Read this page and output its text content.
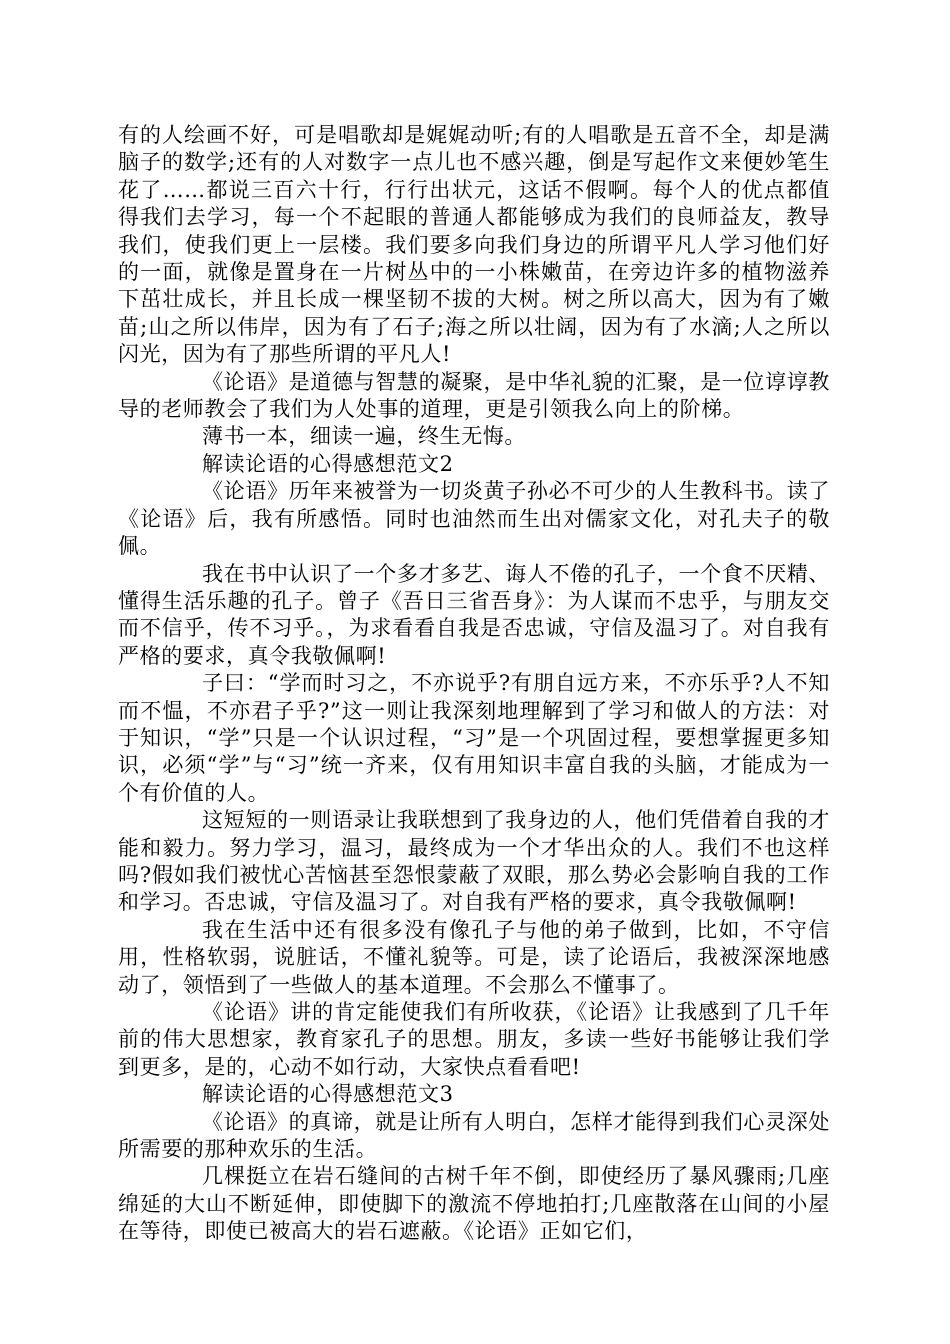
有的人绘画不好，可是唱歌却是娓娓动听;有的人唱歌是五音不全，却是满脑子的数学;还有的人对数字一点儿也不感兴趣，倒是写起作文来便妙笔生花了……都说三百六十行，行行出状元，这话不假啊。每个人的优点都值得我们去学习，每一个不起眼的普通人都能够成为我们的良师益友，教导我们，使我们更上一层楼。我们要多向我们身边的所谓平凡人学习他们好的一面，就像是置身在一片树丛中的一小株嫩苗，在旁边许多的植物滋养下茁壮成长，并且长成一棵坚韧不拔的大树。树之所以高大，因为有了嫩苗;山之所以伟岸，因为有了石子;海之所以壮阔，因为有了水滴;人之所以闪光，因为有了那些所谓的平凡人!

《论语》是道德与智慧的凝聚，是中华礼貌的汇聚，是一位谆谆教导的老师教会了我们为人处事的道理，更是引领我么向上的阶梯。

薄书一本，细读一遍，终生无悔。

解读论语的心得感想范文2

《论语》历年来被誉为一切炎黄子孙必不可少的人生教科书。读了《论语》后，我有所感悟。同时也油然而生出对儒家文化，对孔夫子的敬佩。

我在书中认识了一个多才多艺、诲人不倦的孔子，一个食不厌精、懂得生活乐趣的孔子。曾子《吾日三省吾身》：为人谋而不忠乎，与朋友交而不信乎，传不习乎。，为求看看自我是否忠诚，守信及温习了。对自我有严格的要求，真令我敬佩啊!

子曰：“学而时习之，不亦说乎?有朋自远方来，不亦乐乎?人不知而不愠，不亦君子乎?”这一则让我深刻地理解到了学习和做人的方法：对于知识，“学”只是一个认识过程，“习”是一个巩固过程，要想掌握更多知识，必须“学”与“习”统一齐来，仅有用知识丰富自我的头脑，才能成为一个有价值的人。

这短短的一则语录让我联想到了我身边的人，他们凭借着自我的才能和毅力。努力学习，温习，最终成为一个才华出众的人。我们不也这样吗?假如我们被忧心苦恼甚至怨恨蒙蔽了双眼，那么势必会影响自我的工作和学习。否忠诚，守信及温习了。对自我有严格的要求，真令我敬佩啊!

我在生活中还有很多没有像孔子与他的弟子做到，比如，不守信用，性格软弱，说脏话，不懂礼貌等。可是，读了论语后，我被深深地感动了，领悟到了一些做人的基本道理。不会那么不懂事了。

《论语》讲的肯定能使我们有所收获，《论语》让我感到了几千年前的伟大思想家，教育家孔子的思想。朋友，多读一些好书能够让我们学到更多，是的，心动不如行动，大家快点看看吧!

解读论语的心得感想范文3

《论语》的真谛，就是让所有人明白，怎样才能得到我们心灵深处所需要的那种欢乐的生活。

几棵挺立在岩石缝间的古树千年不倒，即使经历了暴风骤雨;几座绵延的大山不断延伸，即使脚下的激流不停地拍打;几座散落在山间的小屋在等待，即使已被高大的岩石遮蔽。《论语》正如它们，
